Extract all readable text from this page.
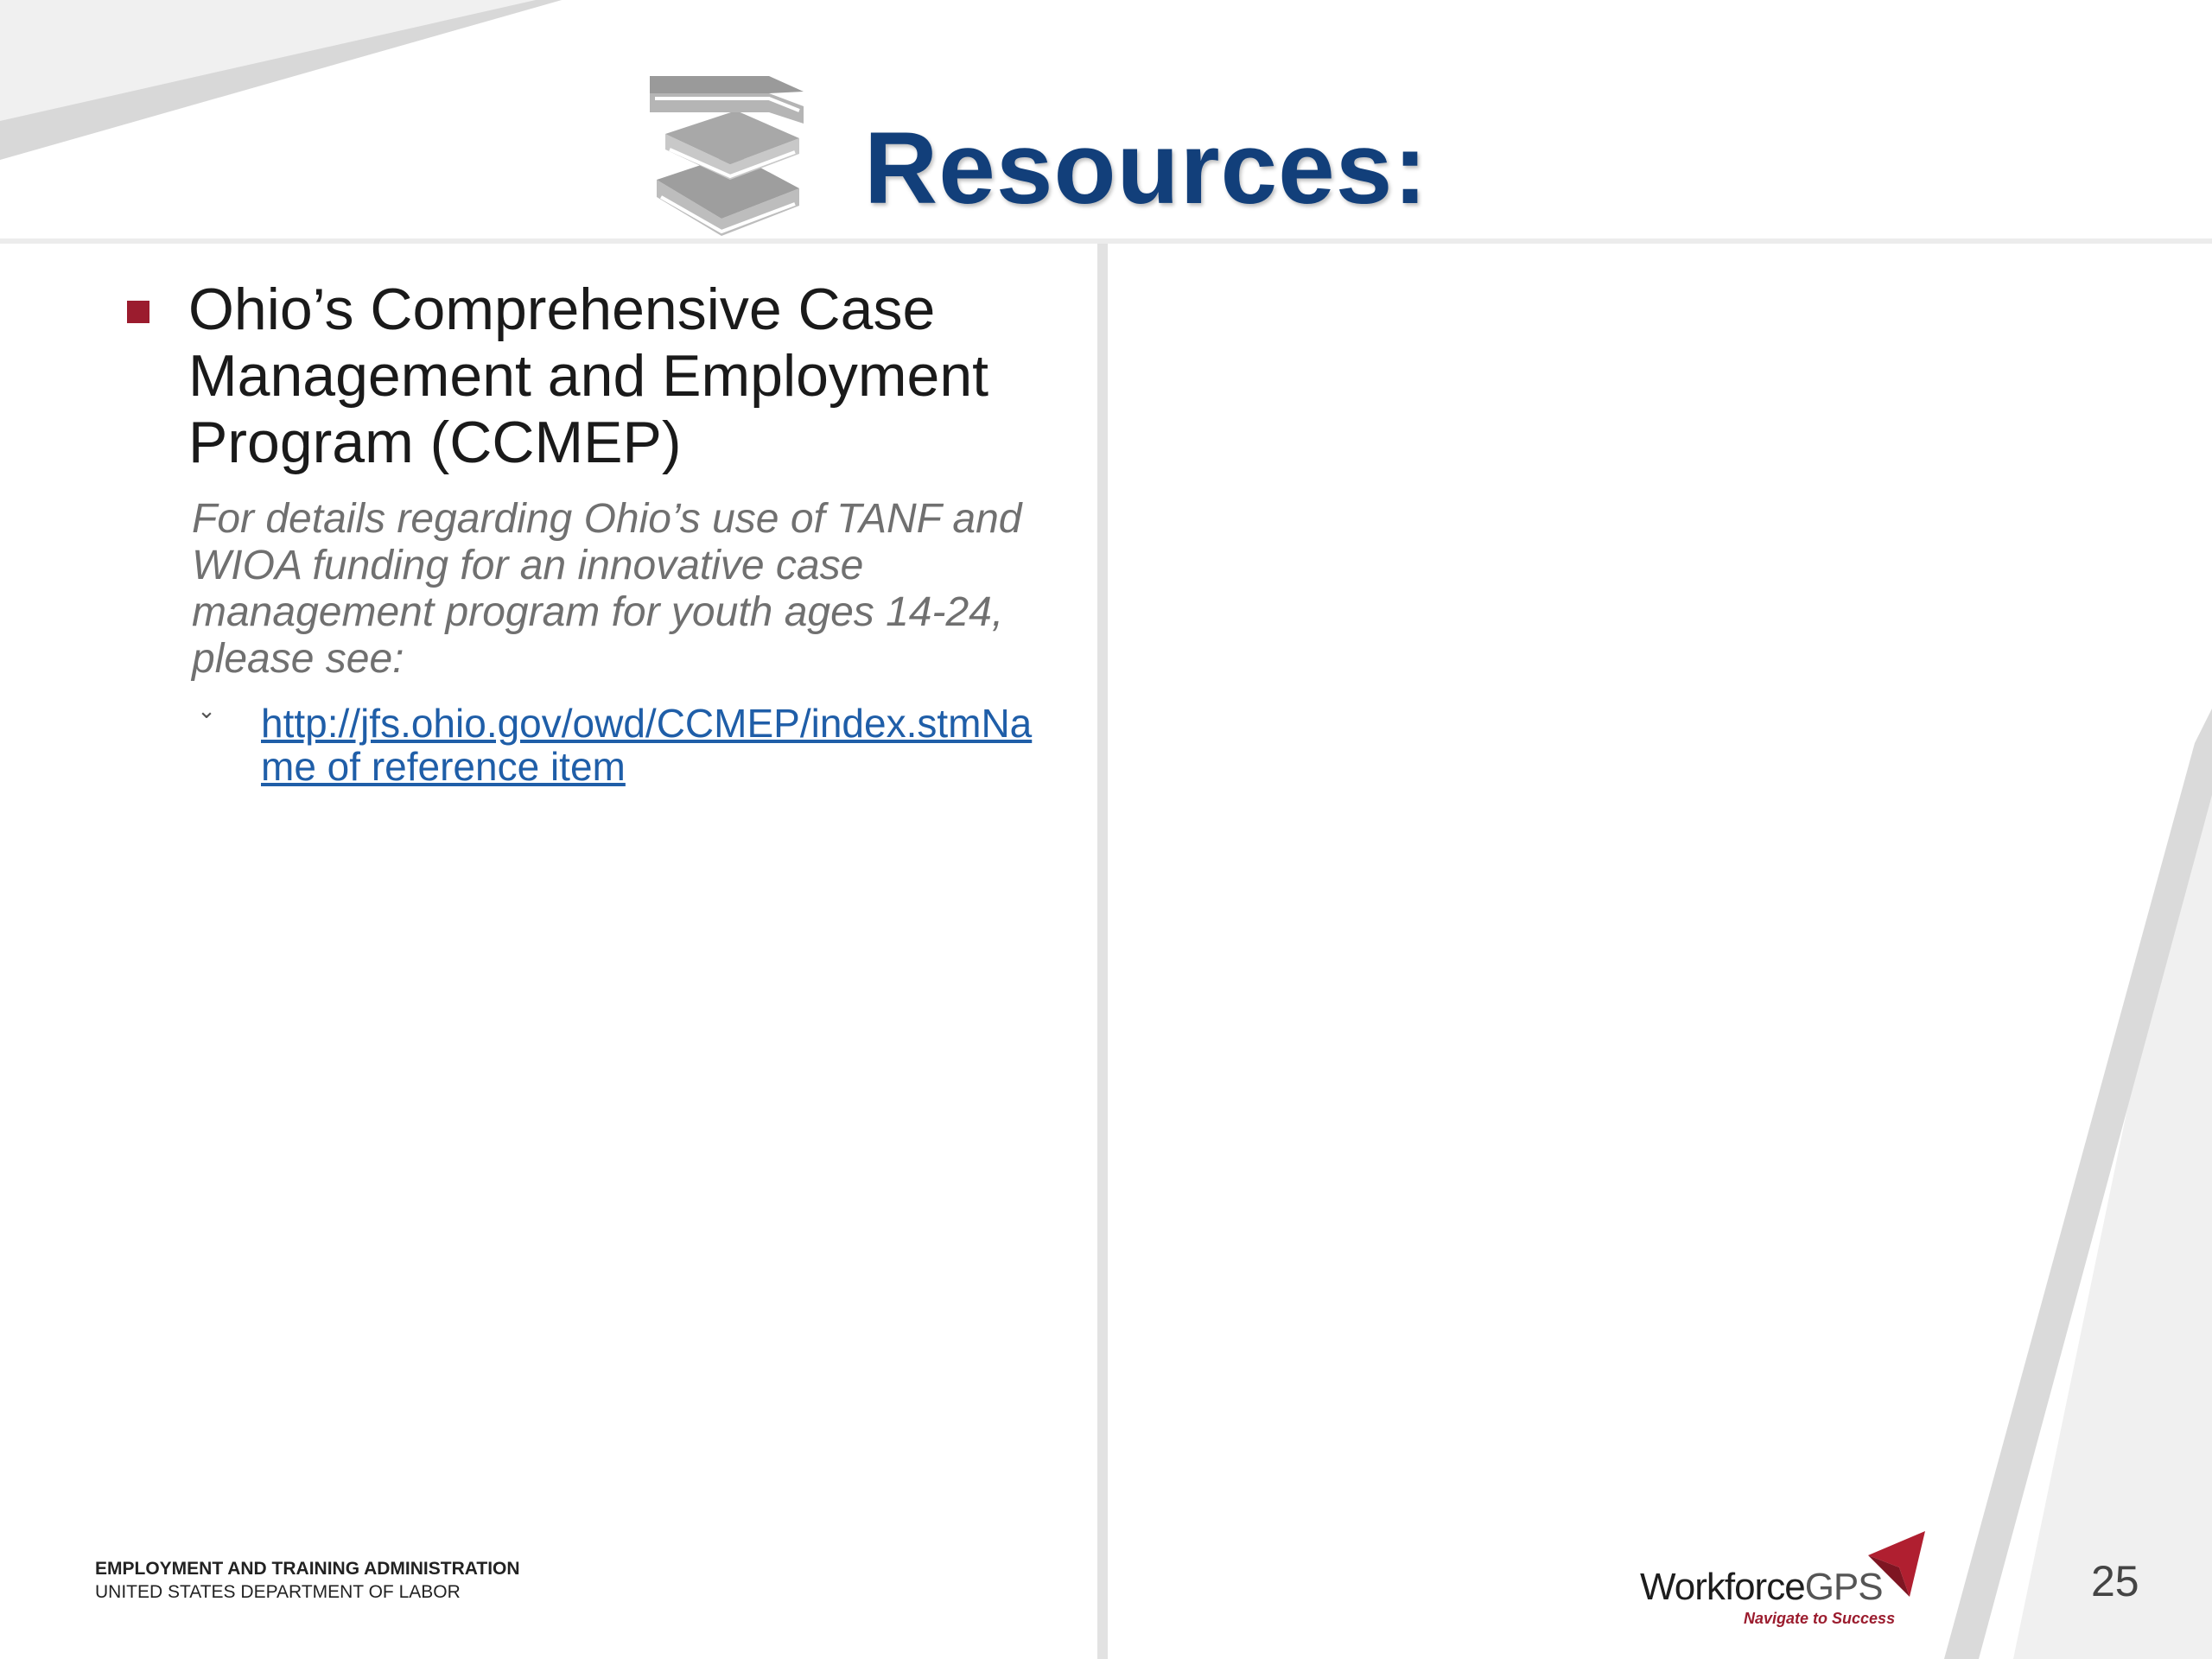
Resources:
Ohio’s Comprehensive Case Management and Employment Program (CCMEP)
For details regarding Ohio’s use of TANF and WIOA funding for an innovative case management program for youth ages 14-24, please see:
⌄ http://jfs.ohio.gov/owd/CCMEP/index.stmName of reference item
EMPLOYMENT AND TRAINING ADMINISTRATION
UNITED STATES DEPARTMENT OF LABOR	WorkforceGPS
Navigate to Success
25
